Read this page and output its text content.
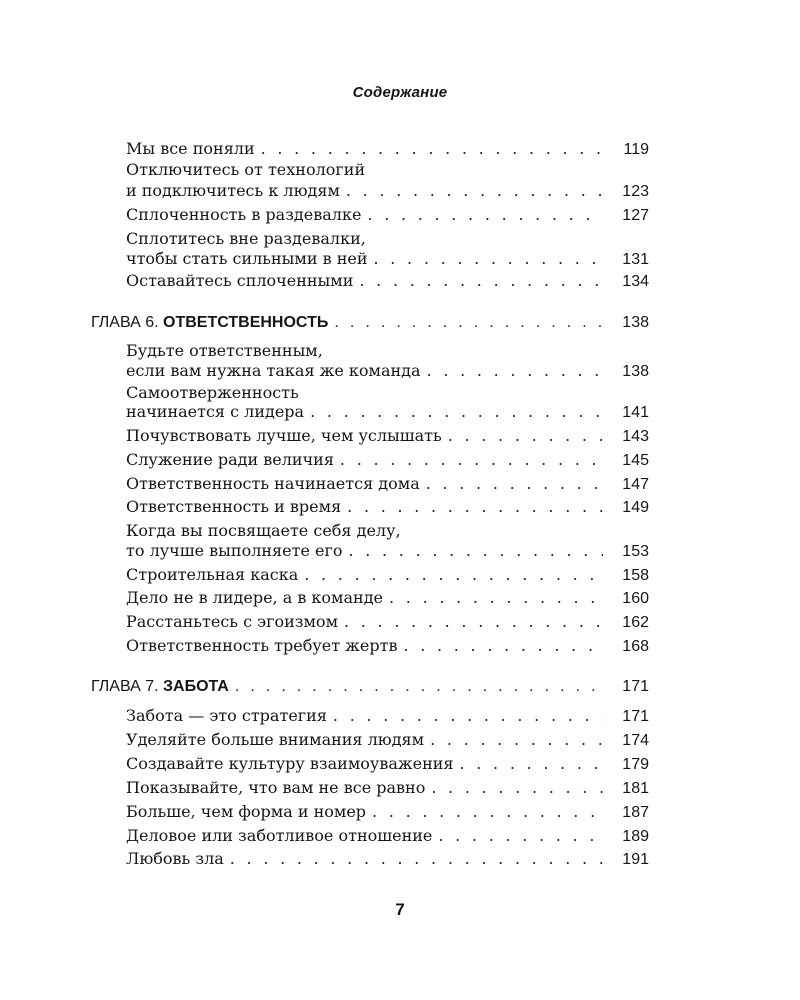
Содержание
Мы все поняли . . .	119
Отключитесь от технологий
и подключитесь к людям . . .	123
Сплоченность в раздевалке . . .	127
Сплотитесь вне раздевалки,
чтобы стать сильными в ней . . .	131
Оставайтесь сплоченными . . .	134
ГЛАВА 6. ОТВЕТСТВЕННОСТЬ . . .	138
Будьте ответственным,
если вам нужна такая же команда . . .	138
Самоотверженность
начинается с лидера . . .	141
Почувствовать лучше, чем услышать . . .	143
Служение ради величия . . .	145
Ответственность начинается дома . . .	147
Ответственность и время . . .	149
Когда вы посвящаете себя делу,
то лучше выполняете его . . .	153
Строительная каска . . .	158
Дело не в лидере, а в команде . . .	160
Расстаньтесь с эгоизмом . . .	162
Ответственность требует жертв . . .	168
ГЛАВА 7. ЗАБОТА . . .	171
Забота — это стратегия . . .	171
Уделяйте больше внимания людям . . .	174
Создавайте культуру взаимоуважения . . .	179
Показывайте, что вам не все равно . . .	181
Больше, чем форма и номер . . .	187
Деловое или заботливое отношение . . .	189
Любовь зла . . .	191
7
